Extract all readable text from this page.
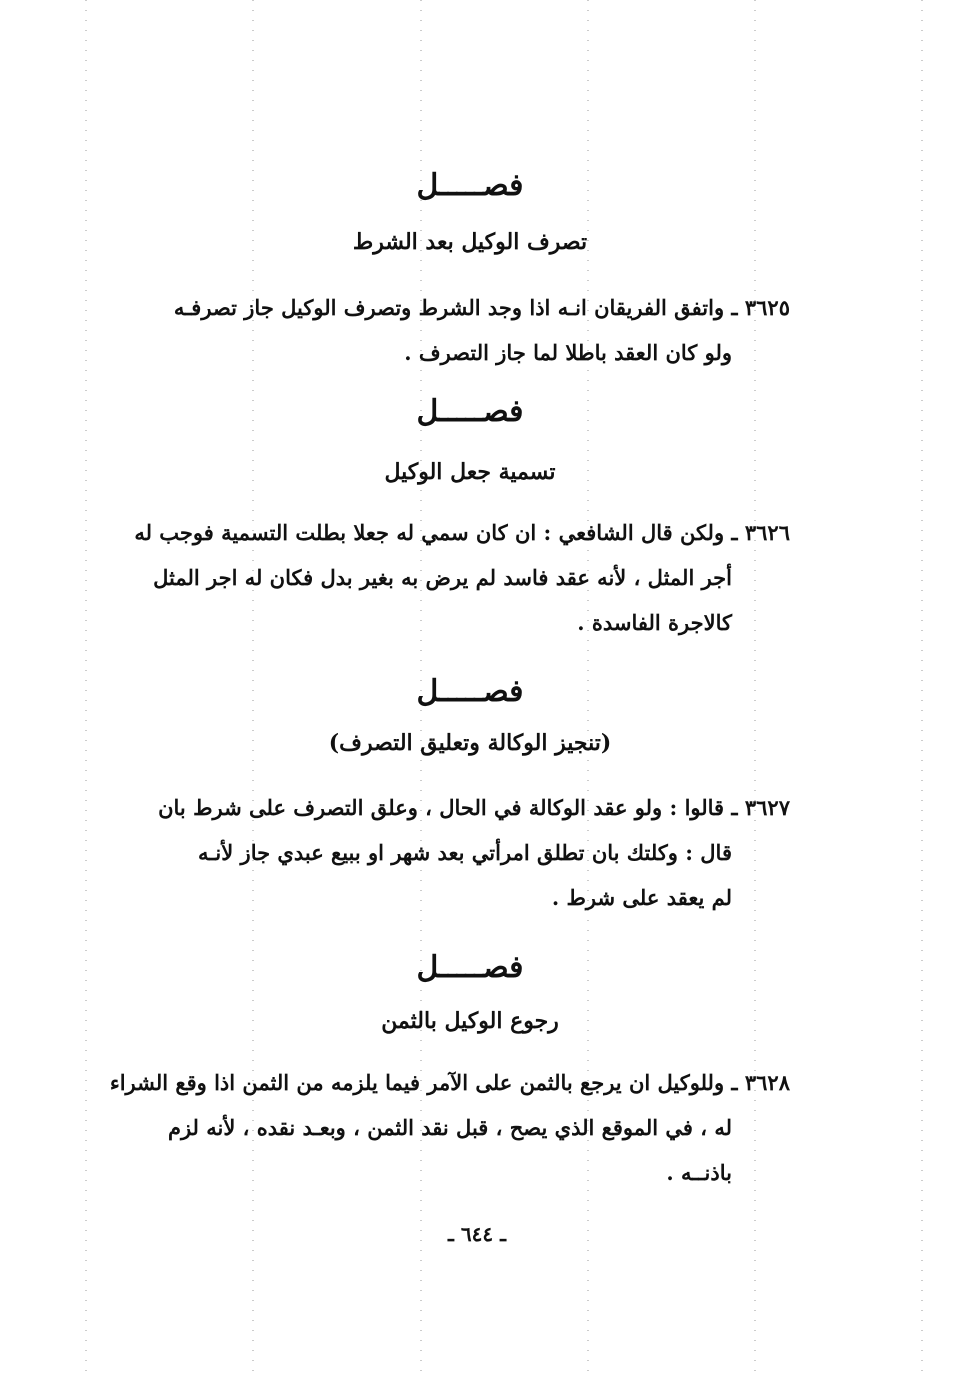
فصـــــل
تصرف الوكيل بعد الشرط
٣٦٢٥ ـ واتفق الفريقان انـه اذا وجد الشرط وتصرف الوكيل جاز تصرفـه
ولو كان العقد باطلا لما جاز التصرف .
فصـــــل
تسمية جعل الوكيل
٣٦٢٦ ـ ولكن قال الشافعي : ان كان سمي له جعلا بطلت التسمية فوجب له
أجر المثل ، لأنه عقد فاسد لم يرض به بغير بدل فكان له اجر المثل
كالاجرة الفاسدة .
فصـــــل
(تنجيز الوكالة وتعليق التصرف)
٣٦٢٧ ـ قالوا : ولو عقد الوكالة في الحال ، وعلق التصرف على شرط بان
قال : وكلتك بان تطلق امرأتي بعد شهر او ببيع عبدي جاز لأنـه
لم يعقد على شرط .
فصـــــل
رجوع الوكيل بالثمن
٣٦٢٨ ـ وللوكيل ان يرجع بالثمن على الآمر فيما يلزمه من الثمن اذا وقع الشراء
له ، في الموقع الذي يصح ، قبل نقد الثمن ، وبعـد نقده ، لأنه لزم
باذنــه .
ـ ٦٤٤ ـ
